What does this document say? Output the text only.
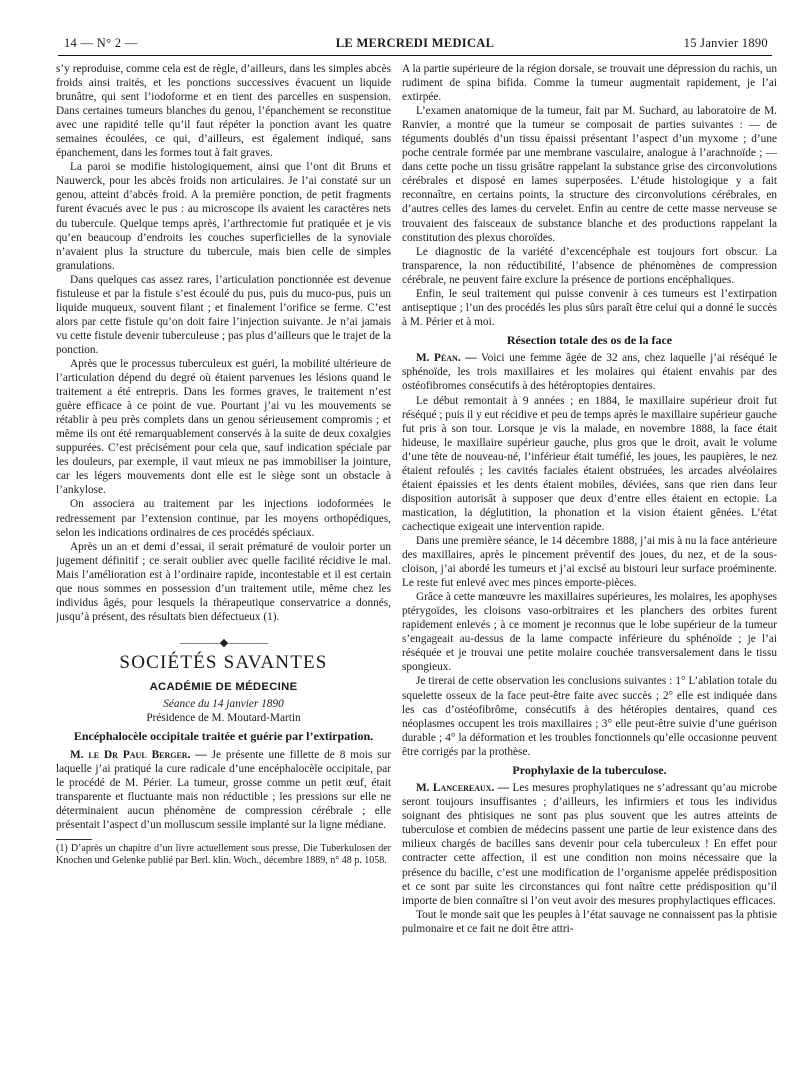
14 — N° 2 —	LE MERCREDI MEDICAL	15 Janvier 1890

s’y reproduise, comme cela est de règle, d’ailleurs, dans les simples abcès froids ainsi traités, et les ponctions successives évacuent un liquide brunâtre, qui sent l’iodoforme et en tient des parcelles en suspension. Dans certaines tumeurs blanches du genou, l’épanchement se reconstitue avec une rapidité telle qu’il faut répéter la ponction avant les quatre semaines écoulées, ce qui, d’ailleurs, est également indiqué, sans épanchement, dans les formes tout à fait graves.

La paroi se modifie histologiquement, ainsi que l’ont dit Bruns et Nauwerck, pour les abcès froids non articulaires. Je l’ai constaté sur un genou, atteint d’abcès froid. A la première ponction, de petit fragments furent évacués avec le pus : au microscope ils avaient les caractères nets du tubercule. Quelque temps après, l’arthrectomie fut pratiquée et je vis qu’en beaucoup d’endroits les couches superficielles de la synoviale n’avaient plus la structure du tubercule, mais bien celle de simples granulations.

Dans quelques cas assez rares, l’articulation ponctionnée est devenue fistuleuse et par la fistule s’est écoulé du pus, puis du muco-pus, puis un liquide muqueux, souvent filant ; et finalement l’orifice se ferme. C’est alors par cette fistule qu’on doit faire l’injection suivante. Je n’ai jamais vu cette fistule devenir tuberculeuse ; pas plus d’ailleurs que le trajet de la ponction.

Après que le processus tuberculeux est guéri, la mobilité ultérieure de l’articulation dépend du degré où étaient parvenues les lésions quand le traitement a été entrepris. Dans les formes graves, le traitement n’est guère efficace à ce point de vue. Pourtant j’ai vu les mouvements se rétablir à peu près complets dans un genou sérieusement compromis ; et même ils ont été remarquablement conservés à la suite de deux coxalgies suppurées. C’est précisément pour cela que, sauf indication spéciale par les douleurs, par exemple, il vaut mieux ne pas immobiliser la jointure, car les légers mouvements dont elle est le siège sont un obstacle à l’ankylose.

On associera au traitement par les injections iodoformées le redressement par l’extension continue, par les moyens orthopédiques, selon les indications ordinaires de ces procédés spéciaux.

Après un an et demi d’essai, il serait prématuré de vouloir porter un jugement définitif ; ce serait oublier avec quelle facilité récidive le mal. Mais l’amélioration est à l’ordinaire rapide, incontestable et il est certain que nous sommes en possession d’un traitement utile, même chez les individus âgés, pour lesquels la thérapeutique conservatrice a donnés, jusqu’à présent, des résultats bien défectueux (1).

————◆————
SOCIÉTÉS SAVANTES
ACADÉMIE DE MÉDECINE
Séance du 14 janvier 1890
Présidence de M. Moutard-Martin
Encéphalocèle occipitale traitée et guérie par l’extirpation.

M. le Dr Paul Berger. — Je présente une fillette de 8 mois sur laquelle j’ai pratiqué la cure radicale d’une encéphalocèle occipitale, par le procédé de M. Périer. La tumeur, grosse comme un petit œuf, était transparente et fluctuante mais non réductible ; les pressions sur elle ne déterminaient aucun phénomène de compression cérébrale ; elle présentait l’aspect d’un molluscum sessile implanté sur la ligne médiane.

(1) D’après un chapitre d’un livre actuellement sous presse, Die Tuberkulosen der Knochen und Gelenke publié par Berl. klin. Woch., décembre 1889, n° 48 p. 1058.

A la partie supérieure de la région dorsale, se trouvait une dépression du rachis, un rudiment de spina bifida. Comme la tumeur augmentait rapidement, je l’ai extirpée.

L’examen anatomique de la tumeur, fait par M. Suchard, au laboratoire de M. Ranvier, a montré que la tumeur se composait de parties suivantes : — de téguments doublés d’un tissu épaissi présentant l’aspect d’un myxome ; d’une poche centrale formée par une membrane vasculaire, analogue à l’arachnoïde ; — dans cette poche un tissu grisâtre rappelant la substance grise des circonvolutions cérébrales et disposé en lames superposées. L’étude histologique y a fait reconnaître, en certains points, la structure des circonvolutions cérébrales, en d’autres celles des lames du cervelet. Enfin au centre de cette masse nerveuse se trouvaient des faisceaux de substance blanche et des productions rappelant la constitution des plexus choroïdes.

Le diagnostic de la variété d’excencéphale est toujours fort obscur. La transparence, la non réductibilité, l’absence de phénomènes de compression cérébrale, ne peuvent faire exclure la présence de portions encéphaliques.

Enfin, le seul traitement qui puisse convenir à ces tumeurs est l’extirpation antiseptique ; l’un des procédés les plus sûrs paraît être celui qui a donné le succès à M. Périer et à moi.

Résection totale des os de la face

M. Péan. — Voici une femme âgée de 32 ans, chez laquelle j’ai réséqué le sphénoïde, les trois maxillaires et les molaires qui étaient envahis par des ostéofibromes consécutifs à des hétéroptopies dentaires.

Le début remontait à 9 années ; en 1884, le maxillaire supérieur droit fut réséqué ; puis il y eut récidive et peu de temps après le maxillaire supérieur gauche fut pris à son tour. Lorsque je vis la malade, en novembre 1888, la face était hideuse, le maxillaire supérieur gauche, plus gros que le droit, avait le volume d’une tête de nouveau-né, l’inférieur était tuméfié, les joues, les paupières, le nez étaient refoulés ; les cavités faciales étaient obstruées, les arcades alvéolaires étaient épaissies et les dents étaient mobiles, déviées, sans que rien dans leur disposition autorisât à supposer que deux d’entre elles étaient en ectopie. La mastication, la déglutition, la phonation et la vision étaient gênées. L’état cachectique exigeait une intervention rapide.

Dans une première séance, le 14 décembre 1888, j’ai mis à nu la face antérieure des maxillaires, après le pincement préventif des joues, du nez, et de la sous-cloison, j’ai abordé les tumeurs et j’ai excisé au bistouri leur surface proéminente. Le reste fut enlevé avec mes pinces emporte-pièces.

Grâce à cette manœuvre les maxillaires supérieures, les molaires, les apophyses ptérygoïdes, les cloisons vaso-orbitraires et les planchers des orbites furent rapidement enlevés ; à ce moment je reconnus que le lobe supérieur de la tumeur s’engageait au-dessus de la lame compacte inférieure du sphénoïde ; je l’ai réséquée et je trouvai une petite molaire couchée transversalement dans le tissu spongieux.

Je tirerai de cette observation les conclusions suivantes : 1° L’ablation totale du squelette osseux de la face peut-être faite avec succès ; 2° elle est indiquée dans les cas d’ostéofibrôme, consécutifs à des hétéropies dentaires, quand ces néoplasmes occupent les trois maxillaires ; 3° elle peut-être suivie d’une guérison durable ; 4° la déformation et les troubles fonctionnels qu’elle occasionne peuvent être corrigés par la prothèse.

Prophylaxie de la tuberculose.

M. Lancereaux. — Les mesures prophylatiques ne s’adressant qu’au microbe seront toujours insuffisantes ; d’ailleurs, les infirmiers et tous les individus soignant des phtisiques ne sont pas plus souvent que les autres atteints de tuberculose et combien de médecins passent une partie de leur existence dans des milieux chargés de bacilles sans devenir pour cela tuberculeux ! En effet pour contracter cette affection, il est une condition non moins nécessaire que la présence du bacille, c’est une modification de l’organisme appelée prédisposition et ce sont par suite les circonstances qui font naître cette prédisposition qu’il importe de bien connaître si l’on veut avoir des mesures prophylactiques efficaces.

Tout le monde sait que les peuples à l’état sauvage ne connaissent pas la phtisie pulmonaire et ce fait ne doit être attri-
